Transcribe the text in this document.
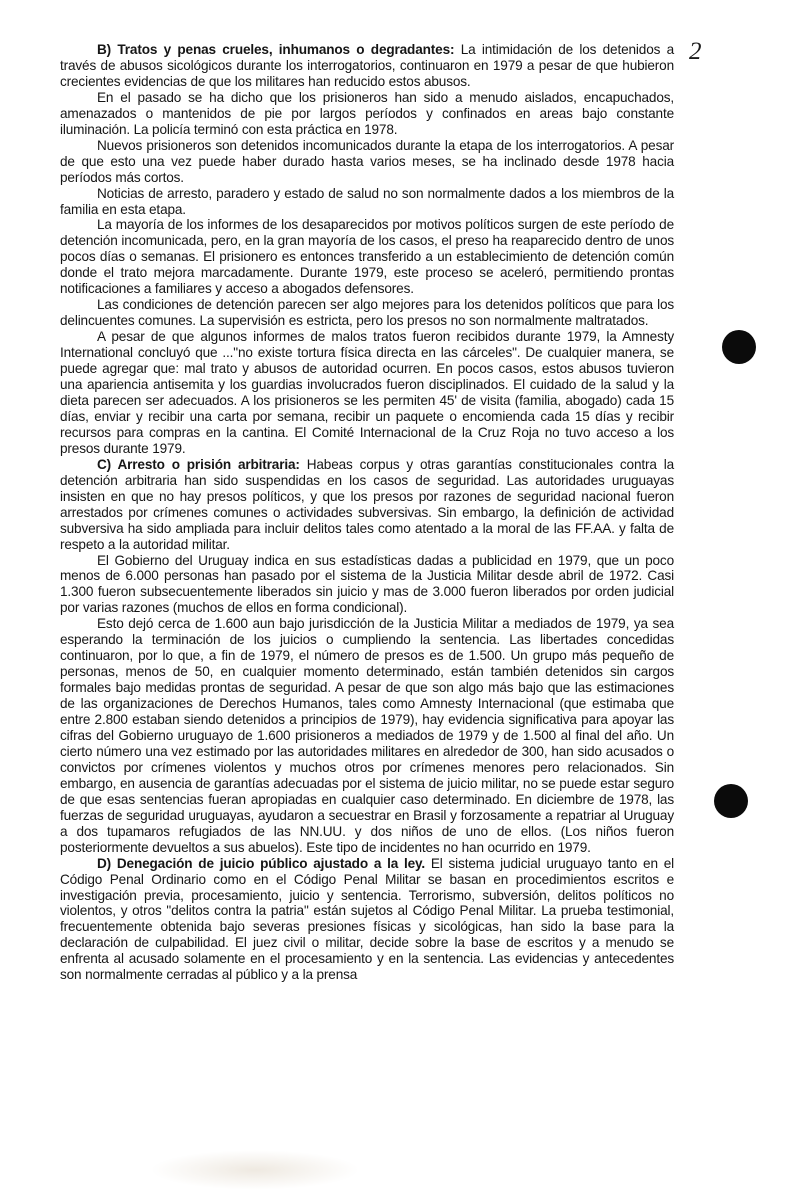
2

B) Tratos y penas crueles, inhumanos o degradantes: La intimidación de los detenidos a través de abusos sicológicos durante los interrogatorios, continuaron en 1979 a pesar de que hubieron crecientes evidencias de que los militares han reducido estos abusos.

En el pasado se ha dicho que los prisioneros han sido a menudo aislados, encapuchados, amenazados o mantenidos de pie por largos períodos y confinados en areas bajo constante iluminación. La policía terminó con esta práctica en 1978.

Nuevos prisioneros son detenidos incomunicados durante la etapa de los interrogatorios. A pesar de que esto una vez puede haber durado hasta varios meses, se ha inclinado desde 1978 hacia períodos más cortos.

Noticias de arresto, paradero y estado de salud no son normalmente dados a los miembros de la familia en esta etapa.

La mayoría de los informes de los desaparecidos por motivos políticos surgen de este período de detención incomunicada, pero, en la gran mayoría de los casos, el preso ha reaparecido dentro de unos pocos días o semanas. El prisionero es entonces transferido a un establecimiento de detención común donde el trato mejora marcadamente. Durante 1979, este proceso se aceleró, permitiendo prontas notificaciones a familiares y acceso a abogados defensores.

Las condiciones de detención parecen ser algo mejores para los detenidos políticos que para los delincuentes comunes. La supervisión es estricta, pero los presos no son normalmente maltratados.

A pesar de que algunos informes de malos tratos fueron recibidos durante 1979, la Amnesty International concluyó que ..."no existe tortura física directa en las cárceles". De cualquier manera, se puede agregar que: mal trato y abusos de autoridad ocurren. En pocos casos, estos abusos tuvieron una apariencia antisemita y los guardias involucrados fueron disciplinados. El cuidado de la salud y la dieta parecen ser adecuados. A los prisioneros se les permiten 45' de visita (familia, abogado) cada 15 días, enviar y recibir una carta por semana, recibir un paquete o encomienda cada 15 días y recibir recursos para compras en la cantina. El Comité Internacional de la Cruz Roja no tuvo acceso a los presos durante 1979.

C) Arresto o prisión arbitraria: Habeas corpus y otras garantías constitucionales contra la detención arbitraria han sido suspendidas en los casos de seguridad. Las autoridades uruguayas insisten en que no hay presos políticos, y que los presos por razones de seguridad nacional fueron arrestados por crímenes comunes o actividades subversivas. Sin embargo, la definición de actividad subversiva ha sido ampliada para incluir delitos tales como atentado a la moral de las FF.AA. y falta de respeto a la autoridad militar.

El Gobierno del Uruguay indica en sus estadísticas dadas a publicidad en 1979, que un poco menos de 6.000 personas han pasado por el sistema de la Justicia Militar desde abril de 1972. Casi 1.300 fueron subsecuentemente liberados sin juicio y mas de 3.000 fueron liberados por orden judicial por varias razones (muchos de ellos en forma condicional).

Esto dejó cerca de 1.600 aun bajo jurisdicción de la Justicia Militar a mediados de 1979, ya sea esperando la terminación de los juicios o cumpliendo la sentencia. Las libertades concedidas continuaron, por lo que, a fin de 1979, el número de presos es de 1.500. Un grupo más pequeño de personas, menos de 50, en cualquier momento determinado, están también detenidos sin cargos formales bajo medidas prontas de seguridad. A pesar de que son algo más bajo que las estimaciones de las organizaciones de Derechos Humanos, tales como Amnesty Internacional (que estimaba que entre 2.800 estaban siendo detenidos a principios de 1979), hay evidencia significativa para apoyar las cifras del Gobierno uruguayo de 1.600 prisioneros a mediados de 1979 y de 1.500 al final del año. Un cierto número una vez estimado por las autoridades militares en alrededor de 300, han sido acusados o convictos por crímenes violentos y muchos otros por crímenes menores pero relacionados. Sin embargo, en ausencia de garantías adecuadas por el sistema de juicio militar, no se puede estar seguro de que esas sentencias fueran apropiadas en cualquier caso determinado. En diciembre de 1978, las fuerzas de seguridad uruguayas, ayudaron a secuestrar en Brasil y forzosamente a repatriar al Uruguay a dos tupamaros refugiados de las NN.UU. y dos niños de uno de ellos. (Los niños fueron posteriormente devueltos a sus abuelos). Este tipo de incidentes no han ocurrido en 1979.

D) Denegación de juicio público ajustado a la ley. El sistema judicial uruguayo tanto en el Código Penal Ordinario como en el Código Penal Militar se basan en procedimientos escritos e investigación previa, procesamiento, juicio y sentencia. Terrorismo, subversión, delitos políticos no violentos, y otros "delitos contra la patria" están sujetos al Código Penal Militar. La prueba testimonial, frecuentemente obtenida bajo severas presiones físicas y sicológicas, han sido la base para la declaración de culpabilidad. El juez civil o militar, decide sobre la base de escritos y a menudo se enfrenta al acusado solamente en el procesamiento y en la sentencia. Las evidencias y antecedentes son normalmente cerradas al público y a la prensa
